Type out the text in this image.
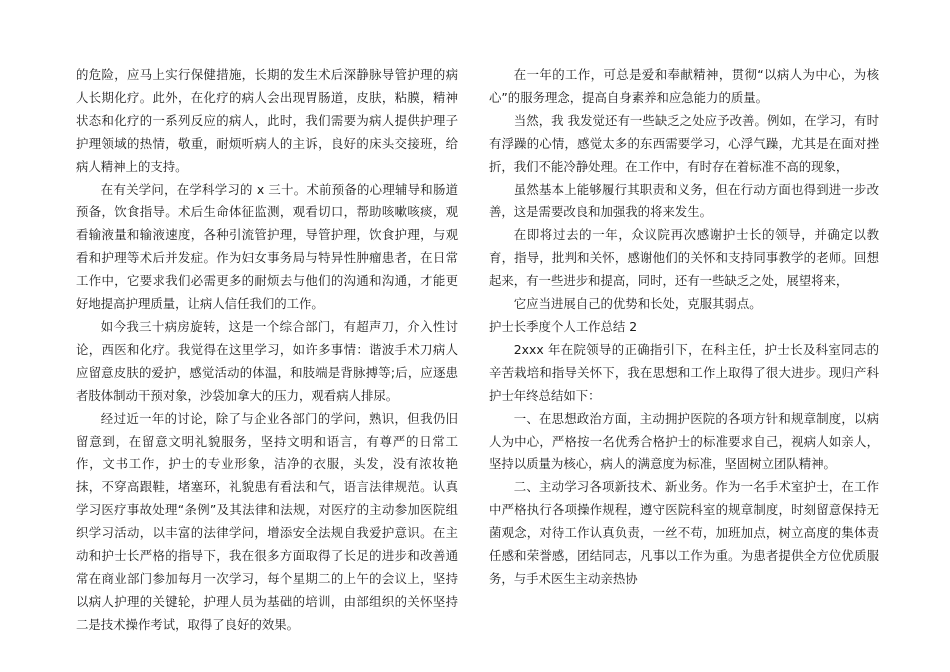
的危险，应马上实行保健措施，长期的发生术后深静脉导管护理的病人长期化疗。此外，在化疗的病人会出现胃肠道，皮肤，粘膜，精神状态和化疗的一系列反应的病人，此时，我们需要为病人提供护理子护理领域的热情，敬重，耐烦听病人的主诉，良好的床头交接班，给病人精神上的支持。

在有关学问，在学科学习的 x 三十。术前预备的心理辅导和肠道预备，饮食指导。术后生命体征监测，观看切口，帮助咳嗽咳痰，观看输液量和输液速度，各种引流管护理，导管护理，饮食护理，与观看和护理等术后并发症。作为妇女事务局与特异性肿瘤患者，在日常工作中，它要求我们必需更多的耐烦去与他们的沟通和沟通，才能更好地提高护理质量，让病人信任我们的工作。

如今我三十病房旋转，这是一个综合部门，有超声刀，介入性讨论，西医和化疗。我觉得在这里学习，如许多事情：谐波手术刀病人应留意皮肤的爱护，感觉活动的体温，和肢端是背脉搏等;后，应逐患者肢体制动干预对象，沙袋加拿大的压力，观看病人排尿。

经过近一年的讨论，除了与企业各部门的学问，熟识，但我仍旧留意到，在留意文明礼貌服务，坚持文明和语言，有尊严的日常工作，文书工作，护士的专业形象，洁净的衣服，头发，没有浓妆艳抹，不穿高跟鞋，堵塞环，礼貌患有看法和气，语言法律规范。认真学习医疗事故处理“条例”及其法律和法规，对医疗的主动参加医院组织学习活动，以丰富的法律学问，增添安全法规自我爱护意识。在主动和护士长严格的指导下，我在很多方面取得了长足的进步和改善通常在商业部门参加每月一次学习，每个星期二的上午的会议上，坚持以病人护理的关键轮，护理人员为基础的培训，由部组织的关怀坚持二是技术操作考试，取得了良好的效果。

在一年的工作，可总是爱和奉献精神，贯彻“以病人为中心，为核心”的服务理念，提高自身素养和应急能力的质量。

当然，我 我发觉还有一些缺乏之处应予改善。例如，在学习，有时有浮躁的心情，感觉太多的东西需要学习，心浮气躁，尤其是在面对挫折，我们不能冷静处理。在工作中，有时存在着标准不高的现象，

虽然基本上能够履行其职责和义务，但在行动方面也得到进一步改善，这是需要改良和加强我的将来发生。

在即将过去的一年，众议院再次感谢护士长的领导，并确定以教育，指导，批判和关怀，感谢他们的关怀和支持同事教学的老师。回想起来，有一些进步和提高，同时，还有一些缺乏之处，展望将来，

它应当进展自己的优势和长处，克服其弱点。

护士长季度个人工作总结 2

2xxx 年在院领导的正确指引下，在科主任，护士长及科室同志的辛苦栽培和指导关怀下，我在思想和工作上取得了很大进步。现归产科护士年终总结如下：

一、在思想政治方面，主动拥护医院的各项方针和规章制度，以病人为中心，严格按一名优秀合格护士的标准要求自己，视病人如亲人，坚持以质量为核心，病人的满意度为标准，坚固树立团队精神。

二、主动学习各项新技术、新业务。作为一名手术室护士，在工作中严格执行各项操作规程，遵守医院科室的规章制度，时刻留意保持无菌观念，对待工作认真负责，一丝不苟，加班加点，树立高度的集体责任感和荣誉感，团结同志，凡事以工作为重。为患者提供全方位优质服务，与手术医生主动亲热协
